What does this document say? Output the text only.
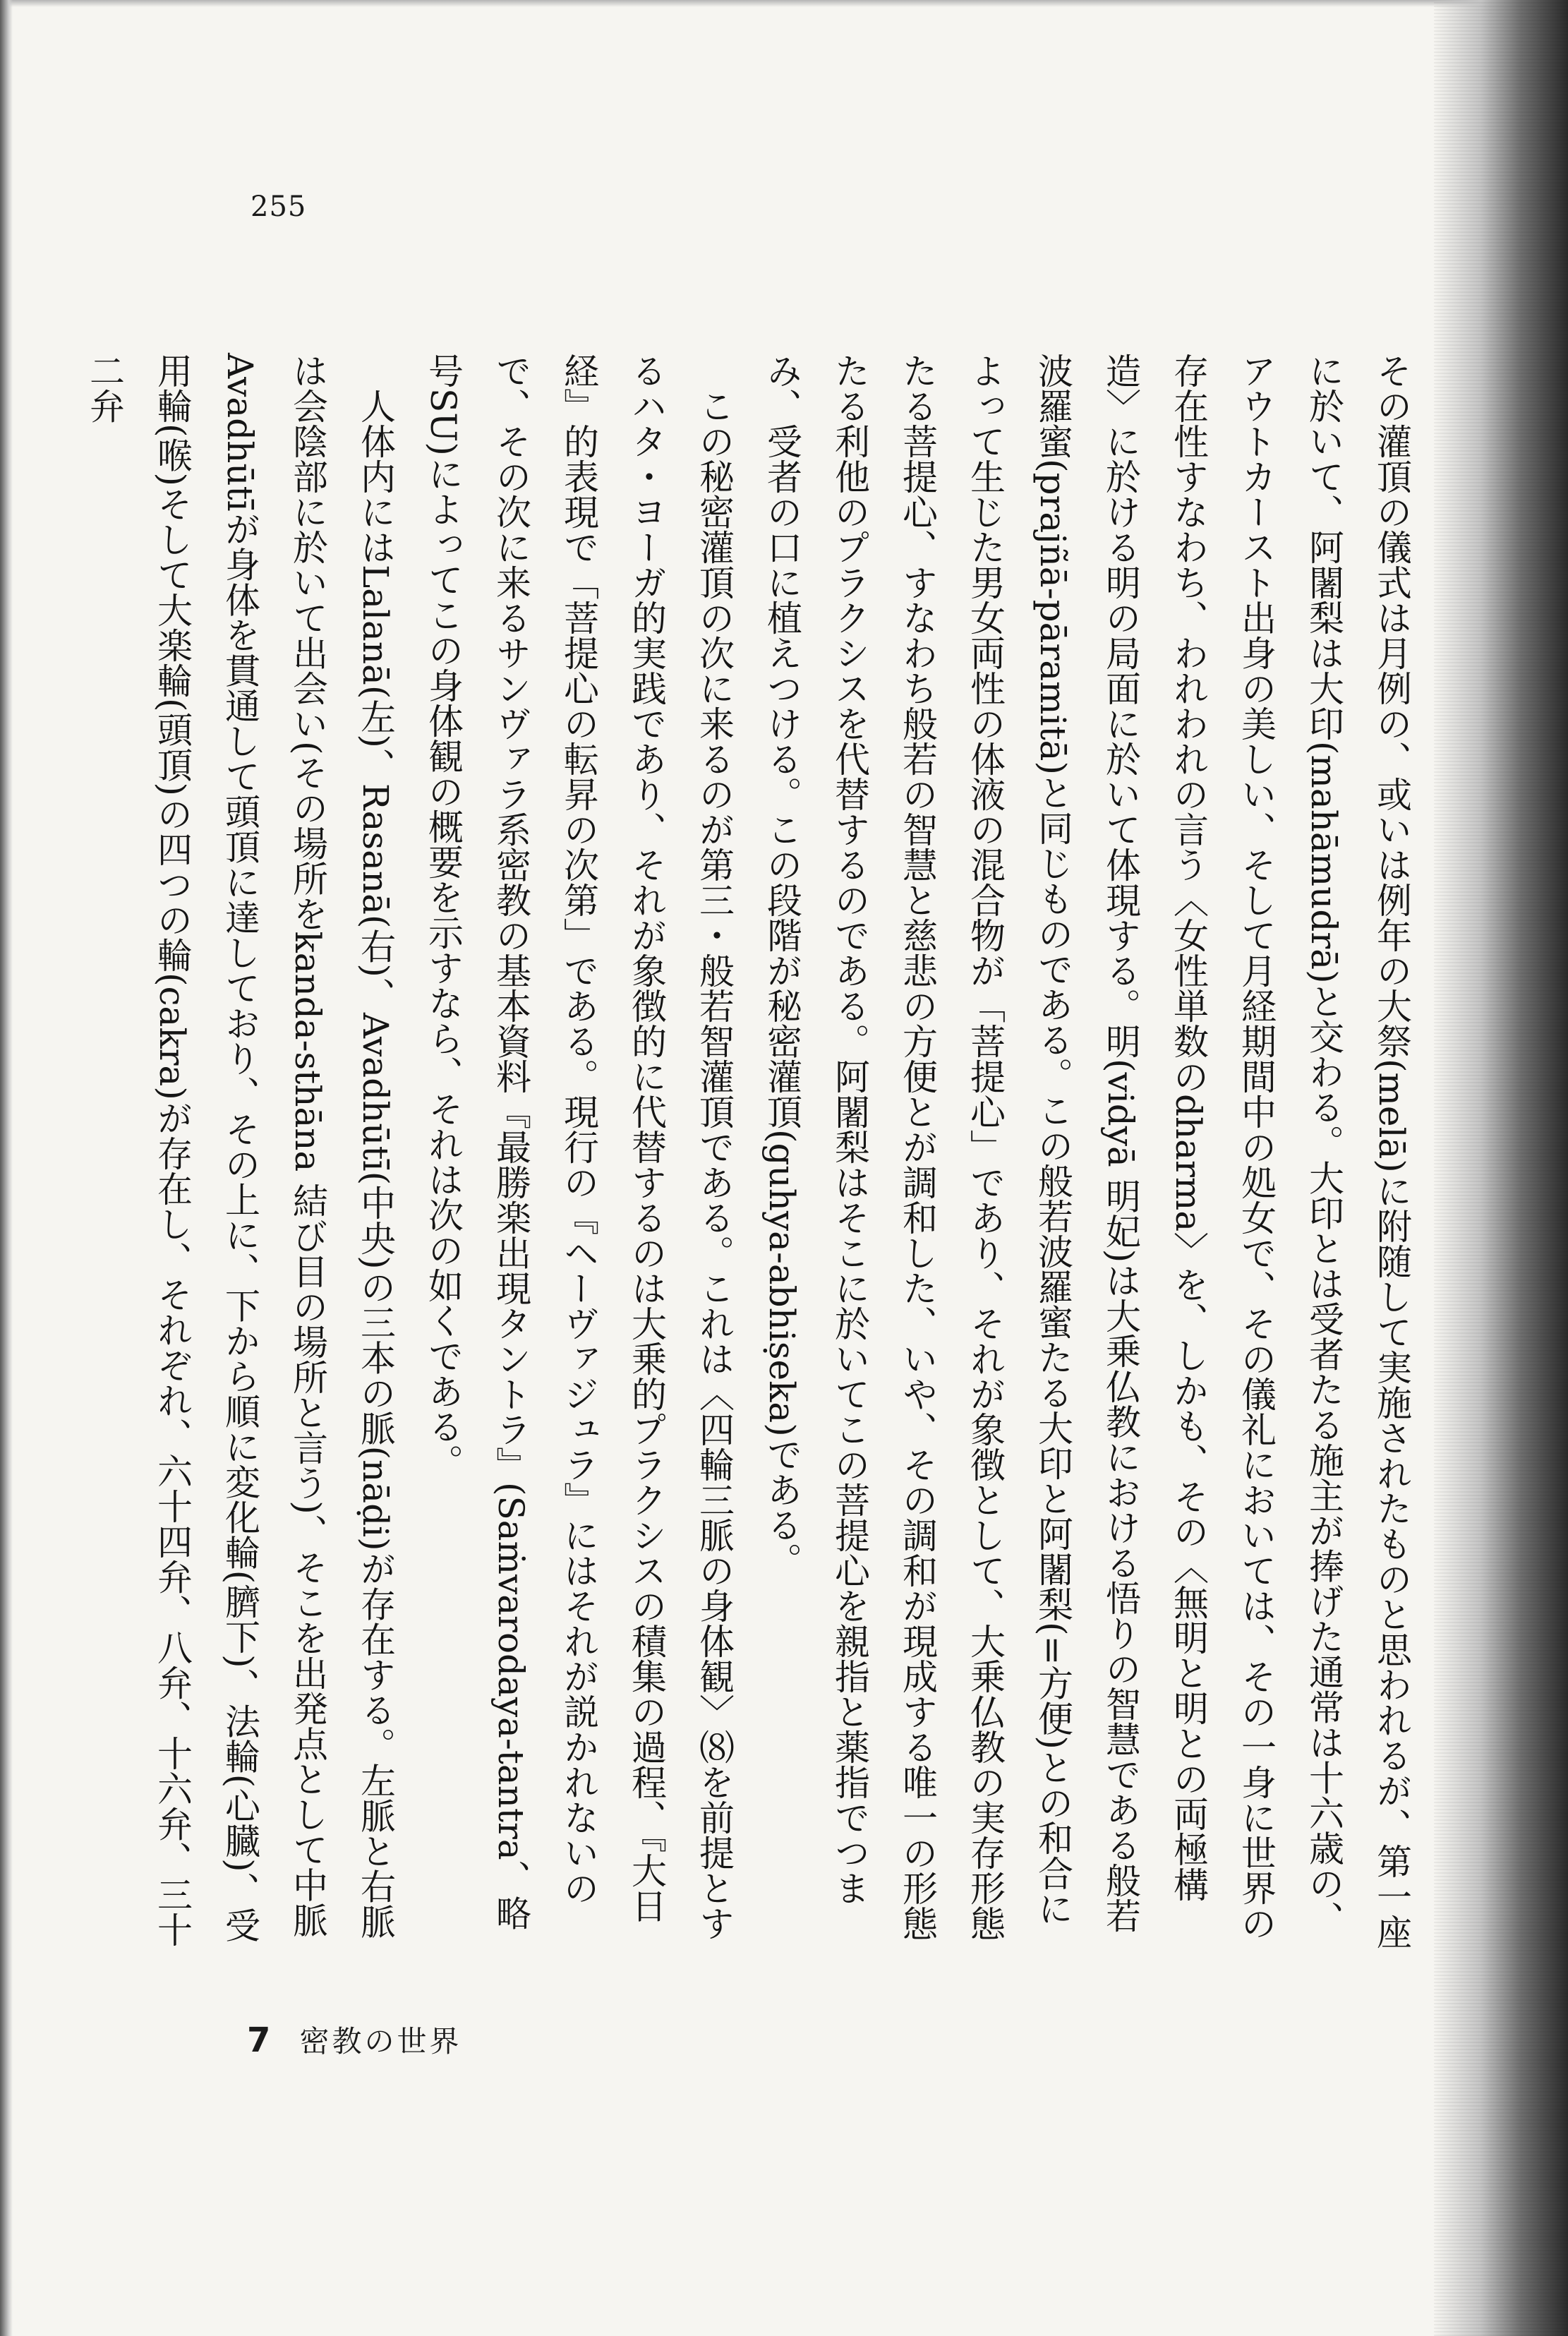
255

その灌頂の儀式は月例の、或いは例年の大祭(melā)に附随して実施されたものと思われるが、第一座に於いて、阿闍梨は大印(mahāmudrā)と交わる。大印とは受者たる施主が捧げた通常は十六歳の、アウトカースト出身の美しい、そして月経期間中の処女で、その儀礼においては、その一身に世界の存在性すなわち、われわれの言う〈女性単数のdharma〉を、しかも、その〈無明と明との両極構造〉に於ける明の局面に於いて体現する。明(vidyā 明妃)は大乗仏教における悟りの智慧である般若波羅蜜(prajñā-pāramitā)と同じものである。この般若波羅蜜たる大印と阿闍梨(=方便)との和合によって生じた男女両性の体液の混合物が「菩提心」であり、それが象徴として、大乗仏教の実存形態たる菩提心、すなわち般若の智慧と慈悲の方便とが調和した、いや、その調和が現成する唯一の形態たる利他のプラクシスを代替するのである。阿闍梨はそこに於いてこの菩提心を親指と薬指でつまみ、受者の口に植えつける。この段階が秘密灌頂(guhya-abhiṣeka)である。

この秘密灌頂の次に来るのが第三・般若智灌頂である。これは〈四輪三脈の身体観〉⑻を前提とするハタ・ヨーガ的実践であり、それが象徴的に代替するのは大乗的プラクシスの積集の過程、『大日経』的表現で「菩提心の転昇の次第」である。現行の『ヘーヴァジュラ』にはそれが説かれないので、その次に来るサンヴァラ系密教の基本資料『最勝楽出現タントラ』(Saṁvarodaya-tantra、略号SU)によってこの身体観の概要を示すなら、それは次の如くである。

人体内にはLalanā(左)、Rasanā(右)、Avadhūtī(中央)の三本の脈(nāḍi)が存在する。左脈と右脈は会陰部に於いて出会い(その場所をkanda-sthāna 結び目の場所と言う)、そこを出発点として中脈Avadhūtīが身体を貫通して頭頂に達しており、その上に、下から順に変化輪(臍下)、法輪(心臓)、受用輪(喉)そして大楽輪(頭頂)の四つの輪(cakra)が存在し、それぞれ、六十四弁、八弁、十六弁、三十二弁

7 密教の世界
